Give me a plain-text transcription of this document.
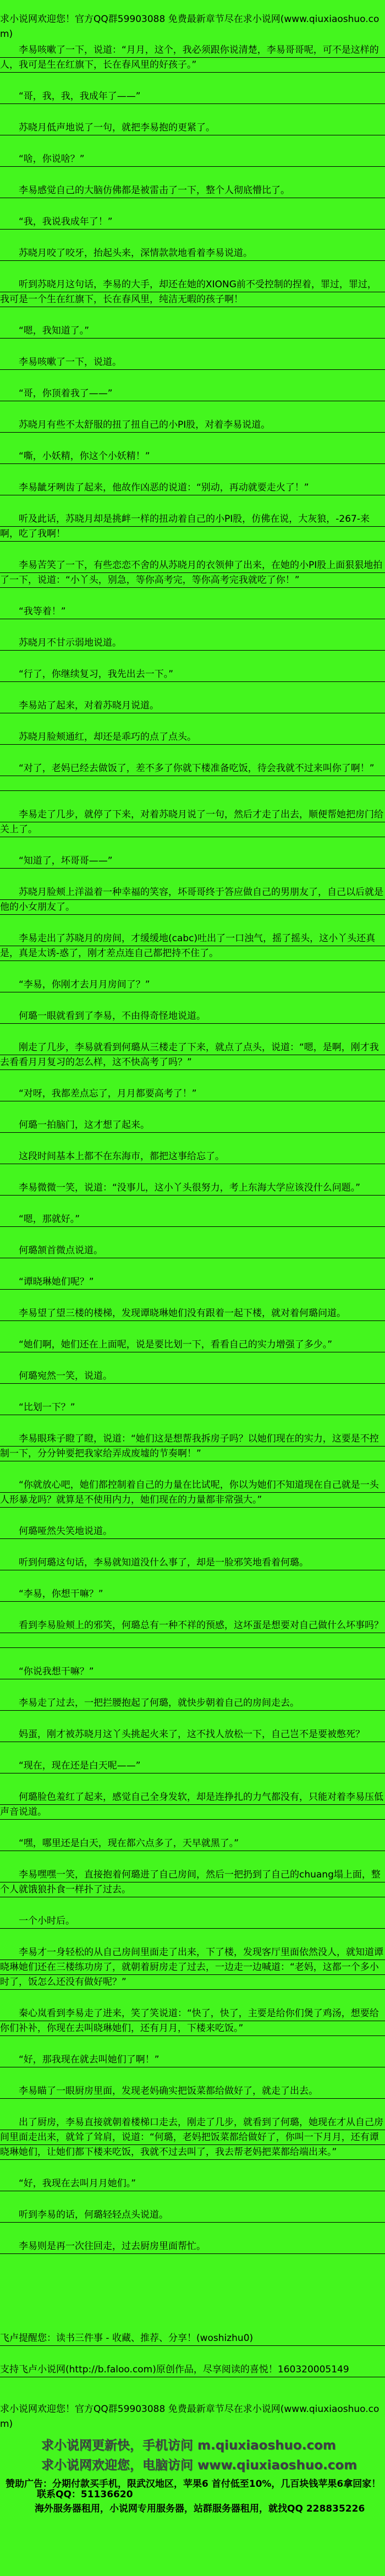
求小说网欢迎您！官方QQ群59903088 免费最新章节尽在求小说网(www.qiuxiaoshuo.com)

李易咳嗽了一下，说道：“月月，这个，我必须跟你说清楚，李易哥哥呢，可不是这样的人，我可是生在红旗下，长在春风里的好孩子。”

“哥，我，我，我成年了——”

苏晓月低声地说了一句，就把李易抱的更紧了。

“啥，你说啥？”

李易感觉自己的大脑仿佛都是被雷击了一下，整个人彻底懵比了。

“我，我说我成年了！”

苏晓月咬了咬牙，抬起头来，深情款款地看着李易说道。

听到苏晓月这句话，李易的大手，却还在她的XIONG前不受控制的捏着，罪过，罪过，我可是一个生在红旗下，长在春风里，纯洁无暇的孩子啊！

“嗯，我知道了。”

李易咳嗽了一下，说道。

“哥，你顶着我了——”

苏晓月有些不太舒服的扭了扭自己的小PI股，对着李易说道。

“嘶，小妖精，你这个小妖精！”

李易龇牙咧齿了起来，他故作凶恶的说道：“别动，再动就要走火了！”

听及此话，苏晓月却是挑衅一样的扭动着自己的小PI股，仿佛在说，大灰狼，-267-来啊，吃了我啊！

李易苦笑了一下，有些恋恋不舍的从苏晓月的衣领伸了出来，在她的小PI股上面狠狠地拍了一下，说道：“小丫头，别急，等你高考完，等你高考完我就吃了你！”

“我等着！”

苏晓月不甘示弱地说道。

“行了，你继续复习，我先出去一下。”

李易站了起来，对着苏晓月说道。

苏晓月脸颊通红，却还是乖巧的点了点头。

“对了，老妈已经去做饭了，差不多了你就下楼准备吃饭，待会我就不过来叫你了啊！”

李易走了几步，就停了下来，对着苏晓月说了一句，然后才走了出去，顺便帮她把房门给关上了。

“知道了，坏哥哥——”

苏晓月脸颊上洋溢着一种幸福的笑容，坏哥哥终于答应做自己的男朋友了，自己以后就是他的小女朋友了。

李易走出了苏晓月的房间，才缓缓地(cabc)吐出了一口浊气，摇了摇头，这小丫头还真是，真是太诱-惑了，刚才差点连自己都把持不住了。

“李易，你刚才去月月房间了？”

何璐一眼就看到了李易，不由得奇怪地说道。

刚走了几步，李易就看到何璐从三楼走了下来，就点了点头，说道：“嗯，是啊，刚才我去看看月月复习的怎么样，这不快高考了吗？”

“对呀，我都差点忘了，月月都要高考了！”

何璐一拍脑门，这才想了起来。

这段时间基本上都不在东海市，都把这事给忘了。

李易微微一笑，说道：“没事儿，这小丫头很努力，考上东海大学应该没什么问题。”

“嗯，那就好。”

何璐颔首微点说道。

“谭晓琳她们呢？”

李易望了望三楼的楼梯，发现谭晓琳她们没有跟着一起下楼，就对着何璐问道。

“她们啊，她们还在上面呢，说是要比划一下，看看自己的实力增强了多少。”

何璐宛然一笑，说道。

“比划一下？”

李易眼珠子瞪了瞪，说道：“她们这是想帮我拆房子吗？以她们现在的实力，这要是不控制一下，分分钟要把我家给弄成废墟的节奏啊！”

“你就放心吧，她们都控制着自己的力量在比试呢，你以为她们不知道现在自己就是一头人形暴龙吗？就算是不使用内力，她们现在的力量都非常强大。”

何璐哑然失笑地说道。

听到何璐这句话，李易就知道没什么事了，却是一脸邪笑地看着何璐。

“李易，你想干嘛？”

看到李易脸颊上的邪笑，何璐总有一种不祥的预感，这坏蛋是想要对自己做什么坏事吗？

“你说我想干嘛？”

李易走了过去，一把拦腰抱起了何璐，就快步朝着自己的房间走去。

妈蛋，刚才被苏晓月这丫头挑起火来了，这不找人放松一下，自己岂不是要被憋死？

“现在，现在还是白天呢——”

何璐脸色羞红了起来，感觉自己全身发软，却是连挣扎的力气都没有，只能对着李易压低声音说道。

“嘿，哪里还是白天，现在都六点多了，天早就黑了。”

李易嘿嘿一笑，直接抱着何璐进了自己房间，然后一把扔到了自己的chuang塌上面，整个人就饿狼扑食一样扑了过去。

一个小时后。

李易才一身轻松的从自己房间里面走了出来，下了楼，发现客厅里面依然没人，就知道谭晓琳她们还在三楼练功房了，就朝着厨房走了过去，一边走一边喊道：“老妈，这都一个多小时了，饭怎么还没有做好呢？”

秦心岚看到李易走了进来，笑了笑说道：“快了，快了，主要是给你们煲了鸡汤，想要给你们补补，你现在去叫晓琳她们，还有月月，下楼来吃饭。”

“好，那我现在就去叫她们了啊！”

李易瞄了一眼厨房里面，发现老妈确实把饭菜都给做好了，就走了出去。

出了厨房，李易直接就朝着楼梯口走去，刚走了几步，就看到了何璐，她现在才从自己房间里面走出来，就耸了耸肩，说道：“何璐，老妈把饭菜都给做好了，你叫一下月月，还有谭晓琳她们，让她们都下楼来吃饭，我就不过去叫了，我去帮老妈把菜都给端出来。”

“好，我现在去叫月月她们。”

听到李易的话，何璐轻轻点头说道。

李易则是再一次往回走，过去厨房里面帮忙。

飞卢提醒您：读书三件事 - 收藏、推荐、分享！(woshizhu0)

支持飞卢小说网(http://b.faloo.com)原创作品，尽享阅读的喜悦！160320005149

求小说网欢迎您！官方QQ群59903088 免费最新章节尽在求小说网(www.qiuxiaoshuo.com)
求小说网更新快，手机访问 m.qiuxiaoshuo.com
求小说网欢迎您，电脑访问 www.qiuxiaoshuo.com
赞助广告：分期付款买手机，限武汉地区，苹果6 首付低至10%，几百块钱苹果6拿回家！
联系QQ：51136620
海外服务器租用，小说网专用服务器，站群服务器租用，就找QQ 228835226
